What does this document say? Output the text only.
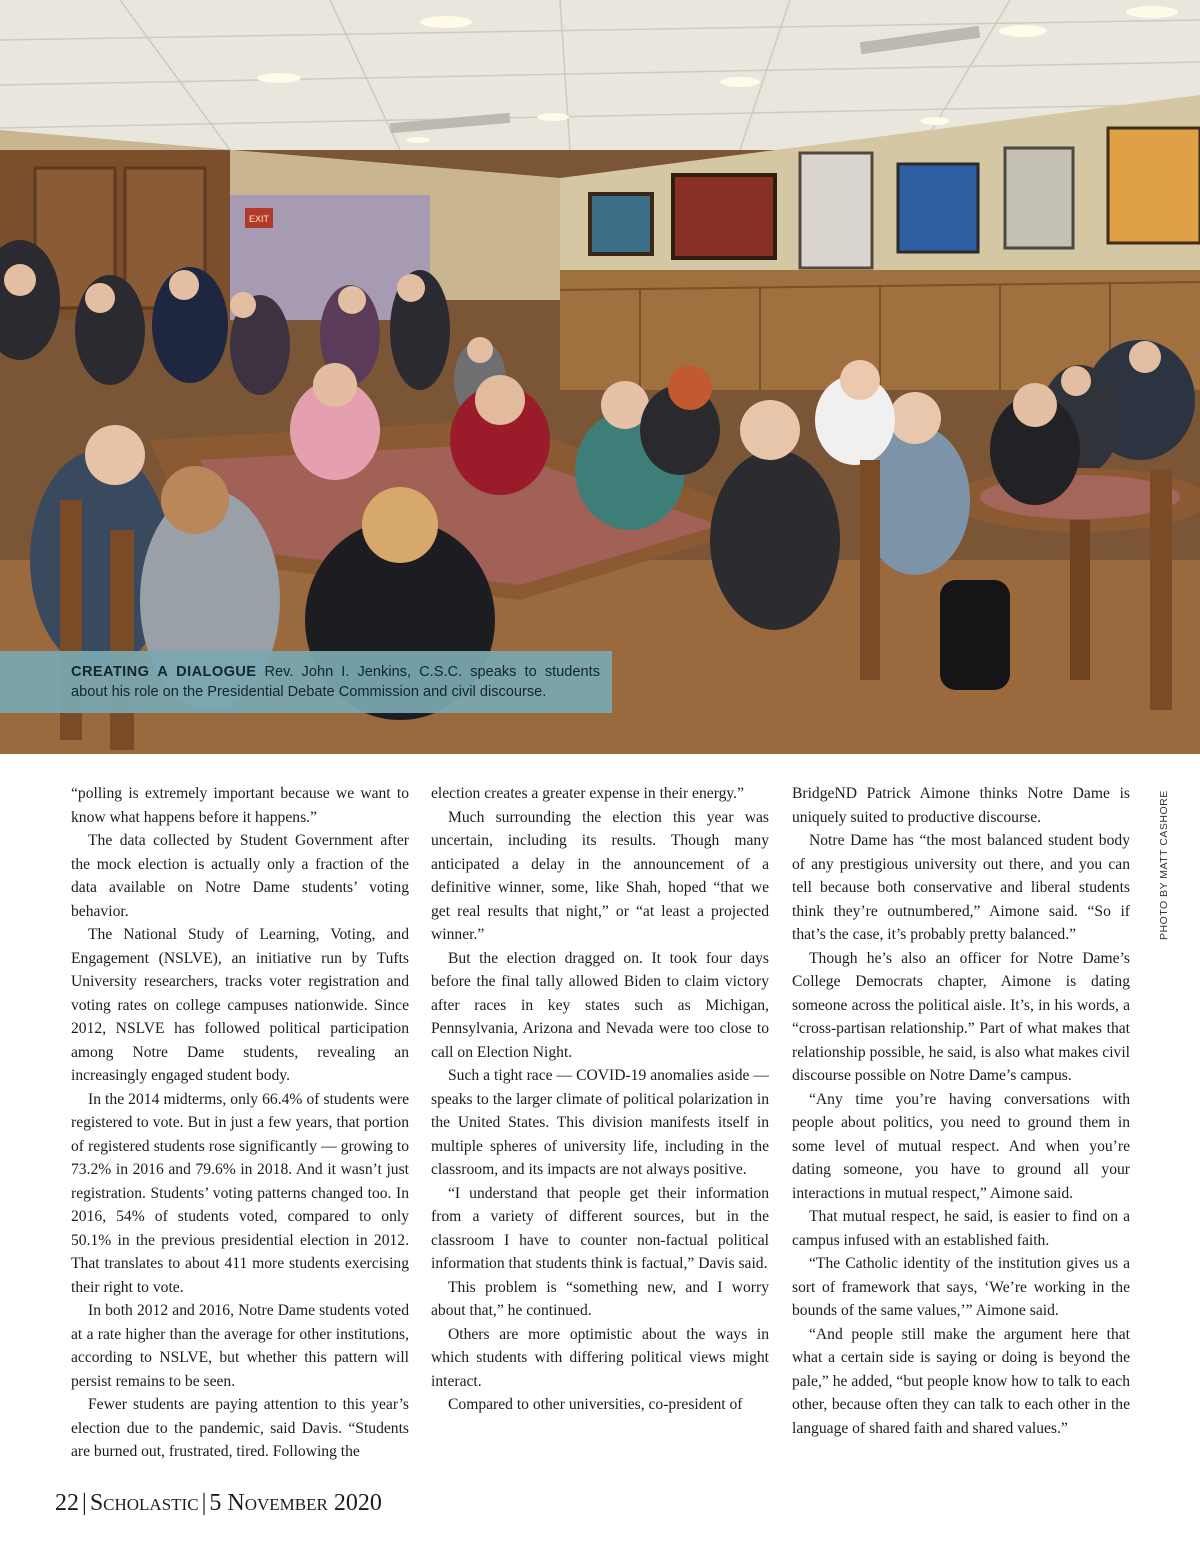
EXIT
CREATING A DIALOGUE Rev. John I. Jenkins, C.S.C. speaks to students about his role on the Presidential Debate Commission and civil discourse.
PHOTO BY MATT CASHORE

“polling is extremely important because we want to know what happens before it happens.”

The data collected by Student Government after the mock election is actually only a fraction of the data available on Notre Dame students’ voting behavior.

The National Study of Learning, Voting, and Engagement (NSLVE), an initiative run by Tufts University researchers, tracks voter registration and voting rates on college campuses nationwide. Since 2012, NSLVE has followed political participation among Notre Dame students, revealing an increasingly engaged student body.

In the 2014 midterms, only 66.4% of students were registered to vote. But in just a few years, that portion of registered students rose significantly — growing to 73.2% in 2016 and 79.6% in 2018. And it wasn’t just registration. Students’ voting patterns changed too. In 2016, 54% of students voted, compared to only 50.1% in the previous presidential election in 2012. That translates to about 411 more students exercising their right to vote.

In both 2012 and 2016, Notre Dame students voted at a rate higher than the average for other institutions, according to NSLVE, but whether this pattern will persist remains to be seen.

Fewer students are paying attention to this year’s election due to the pandemic, said Davis. “Students are burned out, frustrated, tired. Following the

election creates a greater expense in their energy.”

Much surrounding the election this year was uncertain, including its results. Though many anticipated a delay in the announcement of a definitive winner, some, like Shah, hoped “that we get real results that night,” or “at least a projected winner.”

But the election dragged on. It took four days before the final tally allowed Biden to claim victory after races in key states such as Michigan, Pennsylvania, Arizona and Nevada were too close to call on Election Night.

Such a tight race — COVID-19 anomalies aside — speaks to the larger climate of political polarization in the United States. This division manifests itself in multiple spheres of university life, including in the classroom, and its impacts are not always positive.

“I understand that people get their information from a variety of different sources, but in the classroom I have to counter non-factual political information that students think is factual,” Davis said.

This problem is “something new, and I worry about that,” he continued.

Others are more optimistic about the ways in which students with differing political views might interact.

Compared to other universities, co-president of

BridgeND Patrick Aimone thinks Notre Dame is uniquely suited to productive discourse.

Notre Dame has “the most balanced student body of any prestigious university out there, and you can tell because both conservative and liberal students think they’re outnumbered,” Aimone said. “So if that’s the case, it’s probably pretty balanced.”

Though he’s also an officer for Notre Dame’s College Democrats chapter, Aimone is dating someone across the political aisle. It’s, in his words, a “cross-partisan relationship.” Part of what makes that relationship possible, he said, is also what makes civil discourse possible on Notre Dame’s campus.

“Any time you’re having conversations with people about politics, you need to ground them in some level of mutual respect. And when you’re dating someone, you have to ground all your interactions in mutual respect,” Aimone said.

That mutual respect, he said, is easier to find on a campus infused with an established faith.

“The Catholic identity of the institution gives us a sort of framework that says, ‘We’re working in the bounds of the same values,’” Aimone said.

“And people still make the argument here that what a certain side is saying or doing is beyond the pale,” he added, “but people know how to talk to each other, because often they can talk to each other in the language of shared faith and shared values.”

22 | Scholastic | 5 November 2020
